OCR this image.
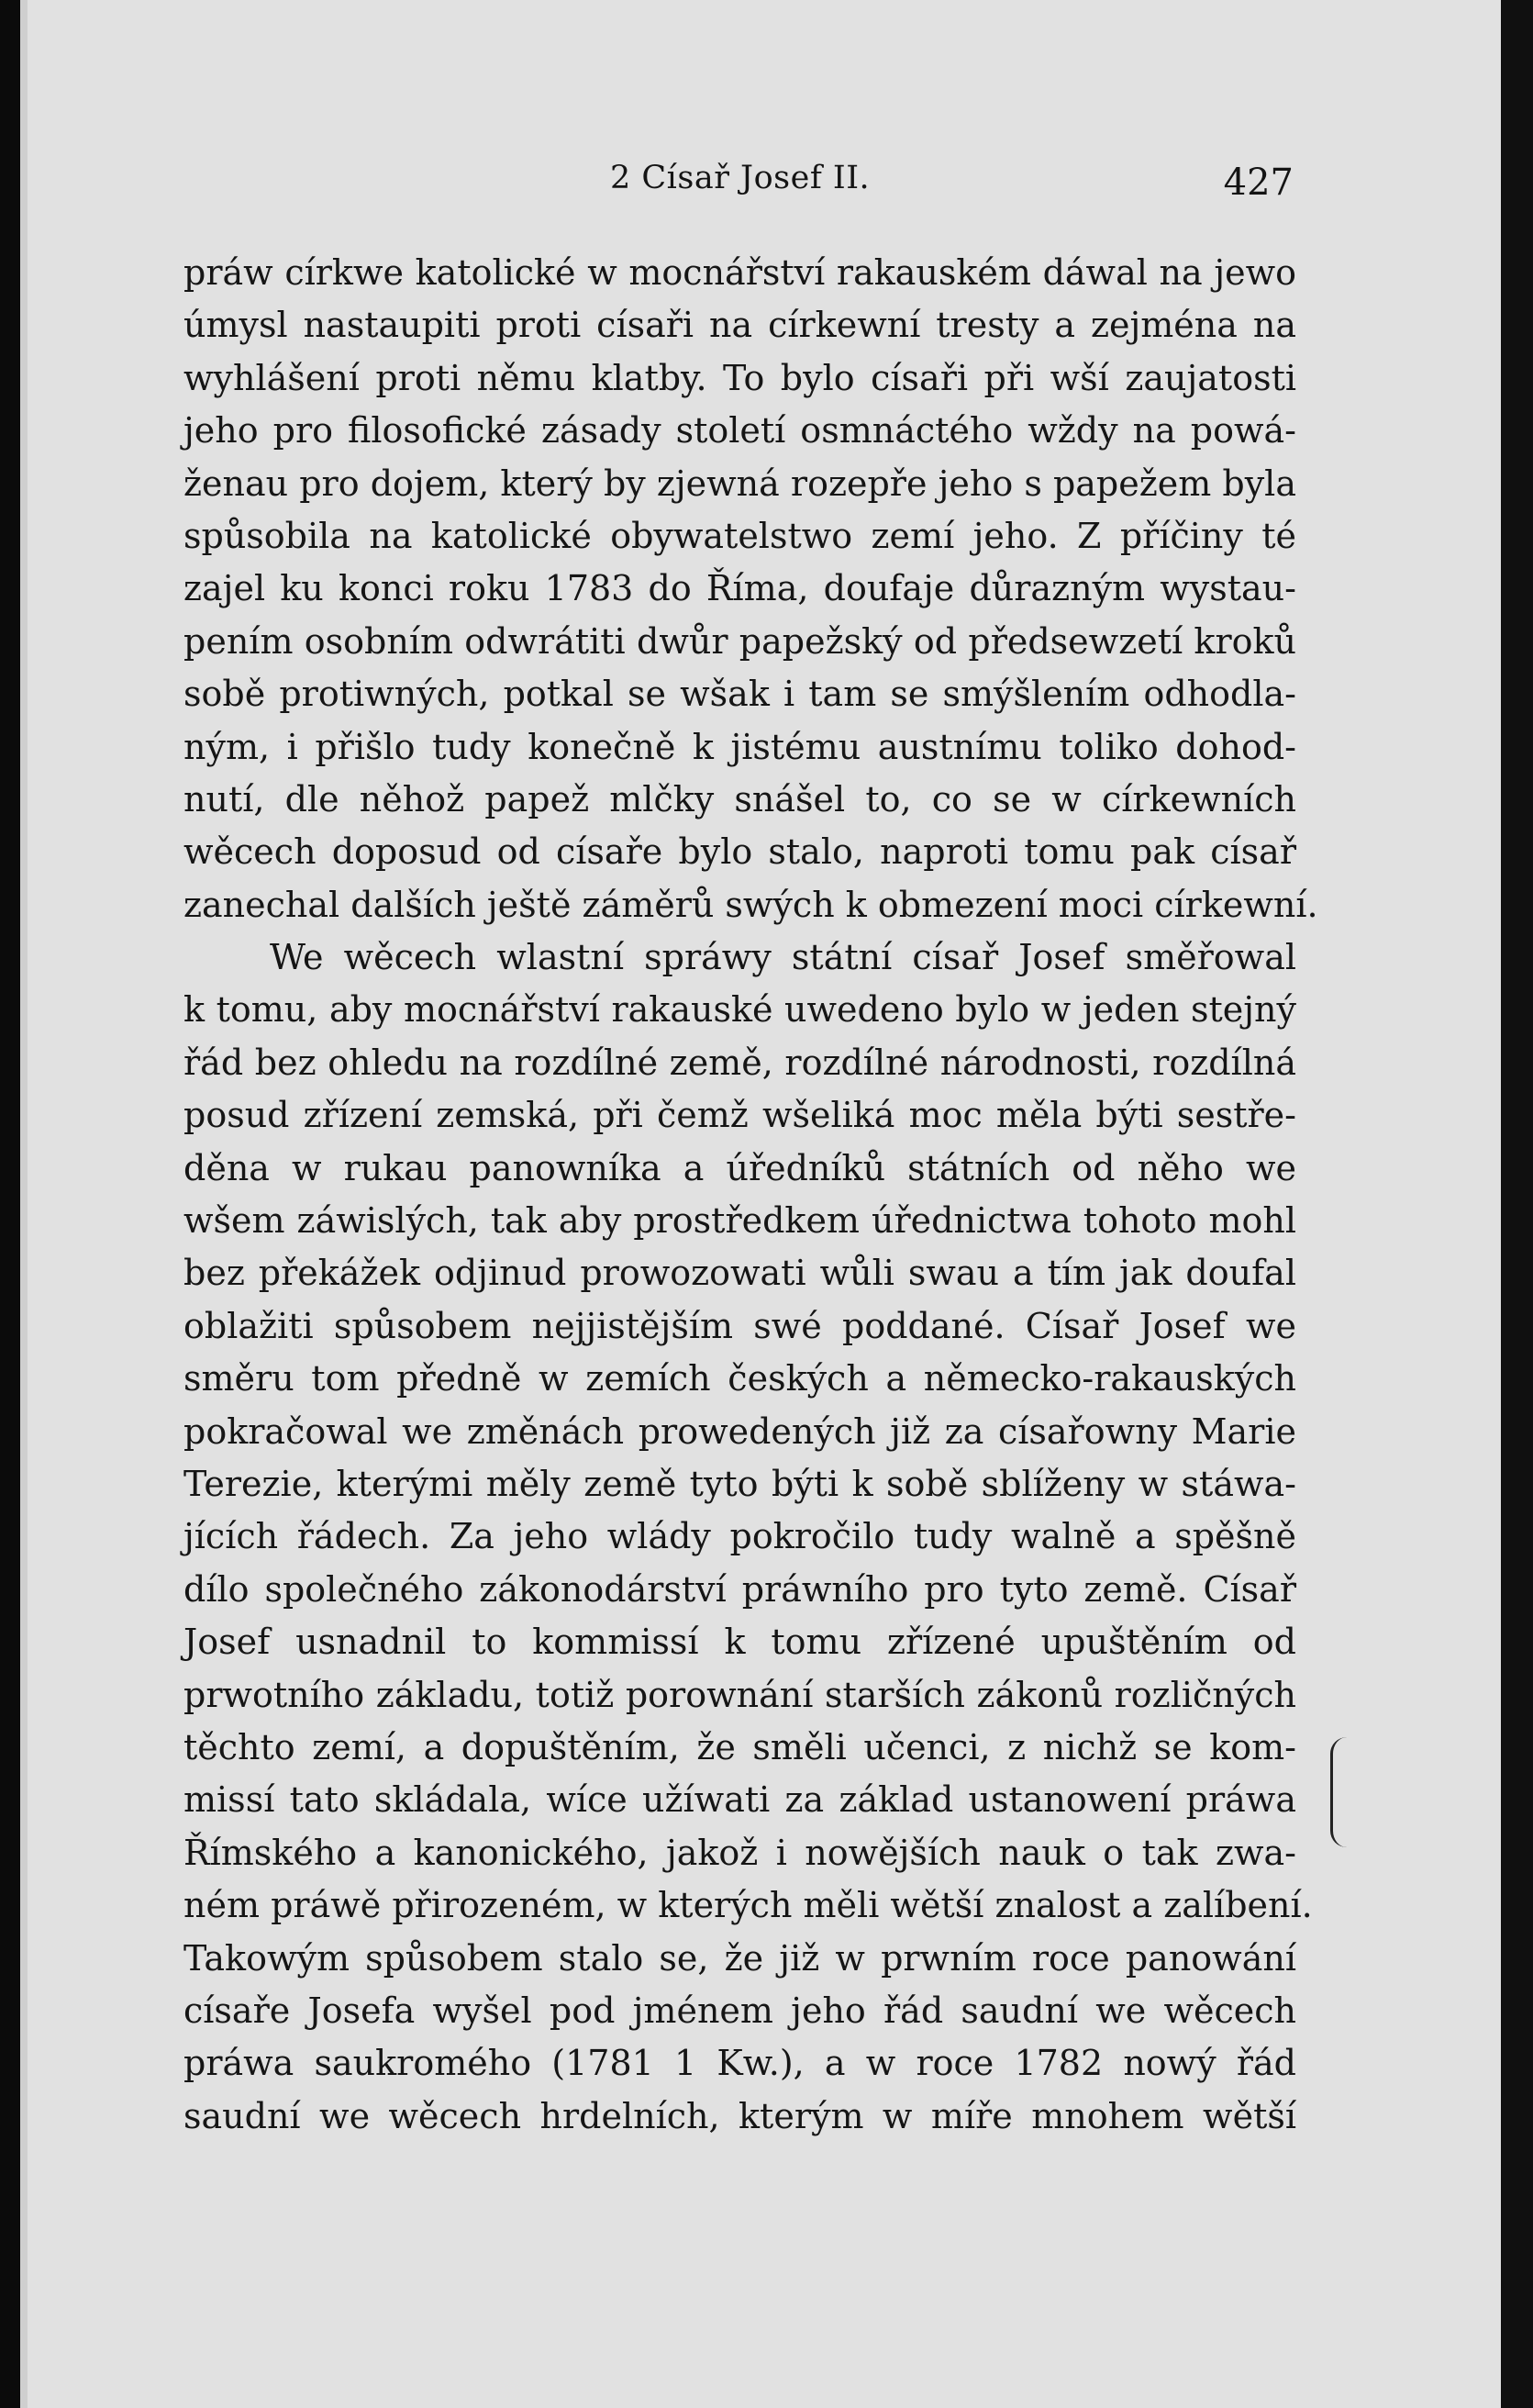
2 Císař Josef II.	427
práw církwe katolické w mocnářství rakauském dáwal na jewo
úmysl nastaupiti proti císaři na církewní tresty a zejména na
wyhlášení proti němu klatby. To bylo císaři při wší zaujatosti
jeho pro filosofické zásady století osmnáctého wždy na powá-
ženau pro dojem, který by zjewná rozepře jeho s papežem byla
spůsobila na katolické obywatelstwo zemí jeho. Z příčiny té
zajel ku konci roku 1783 do Říma, doufaje důrazným wystau-
pením osobním odwrátiti dwůr papežský od předsewzetí kroků
sobě protiwných, potkal se wšak i tam se smýšlením odhodla-
ným, i přišlo tudy konečně k jistému austnímu toliko dohod-
nutí, dle něhož papež mlčky snášel to, co se w církewních
wěcech doposud od císaře bylo stalo, naproti tomu pak císař
zanechal dalších ještě záměrů swých k obmezení moci církewní.
We wěcech wlastní spráwy státní císař Josef směřowal
k tomu, aby mocnářství rakauské uwedeno bylo w jeden stejný
řád bez ohledu na rozdílné země, rozdílné národnosti, rozdílná
posud zřízení zemská, při čemž wšeliká moc měla býti sestře-
děna w rukau panowníka a úředníků státních od něho we
wšem záwislých, tak aby prostředkem úřednictwa tohoto mohl
bez překážek odjinud prowozowati wůli swau a tím jak doufal
oblažiti spůsobem nejjistějším swé poddané. Císař Josef we
směru tom předně w zemích českých a německo-rakauských
pokračowal we změnách prowedených již za císařowny Marie
Terezie, kterými měly země tyto býti k sobě sblíženy w stáwa-
jících řádech. Za jeho wlády pokročilo tudy walně a spěšně
dílo společného zákonodárství práwního pro tyto země. Císař
Josef usnadnil to kommissí k tomu zřízené upuštěním od
prwotního základu, totiž porownání starších zákonů rozličných
těchto zemí, a dopuštěním, že směli učenci, z nichž se kom-
missí tato skládala, wíce užíwati za základ ustanowení práwa
Římského a kanonického, jakož i nowějších nauk o tak zwa-
ném práwě přirozeném, w kterých měli wětší znalost a zalíbení.
Takowým spůsobem stalo se, že již w prwním roce panowání
císaře Josefa wyšel pod jménem jeho řád saudní we wěcech
práwa saukromého (1781 1 Kw.), a w roce 1782 nowý řád
saudní we wěcech hrdelních, kterým w míře mnohem wětší
